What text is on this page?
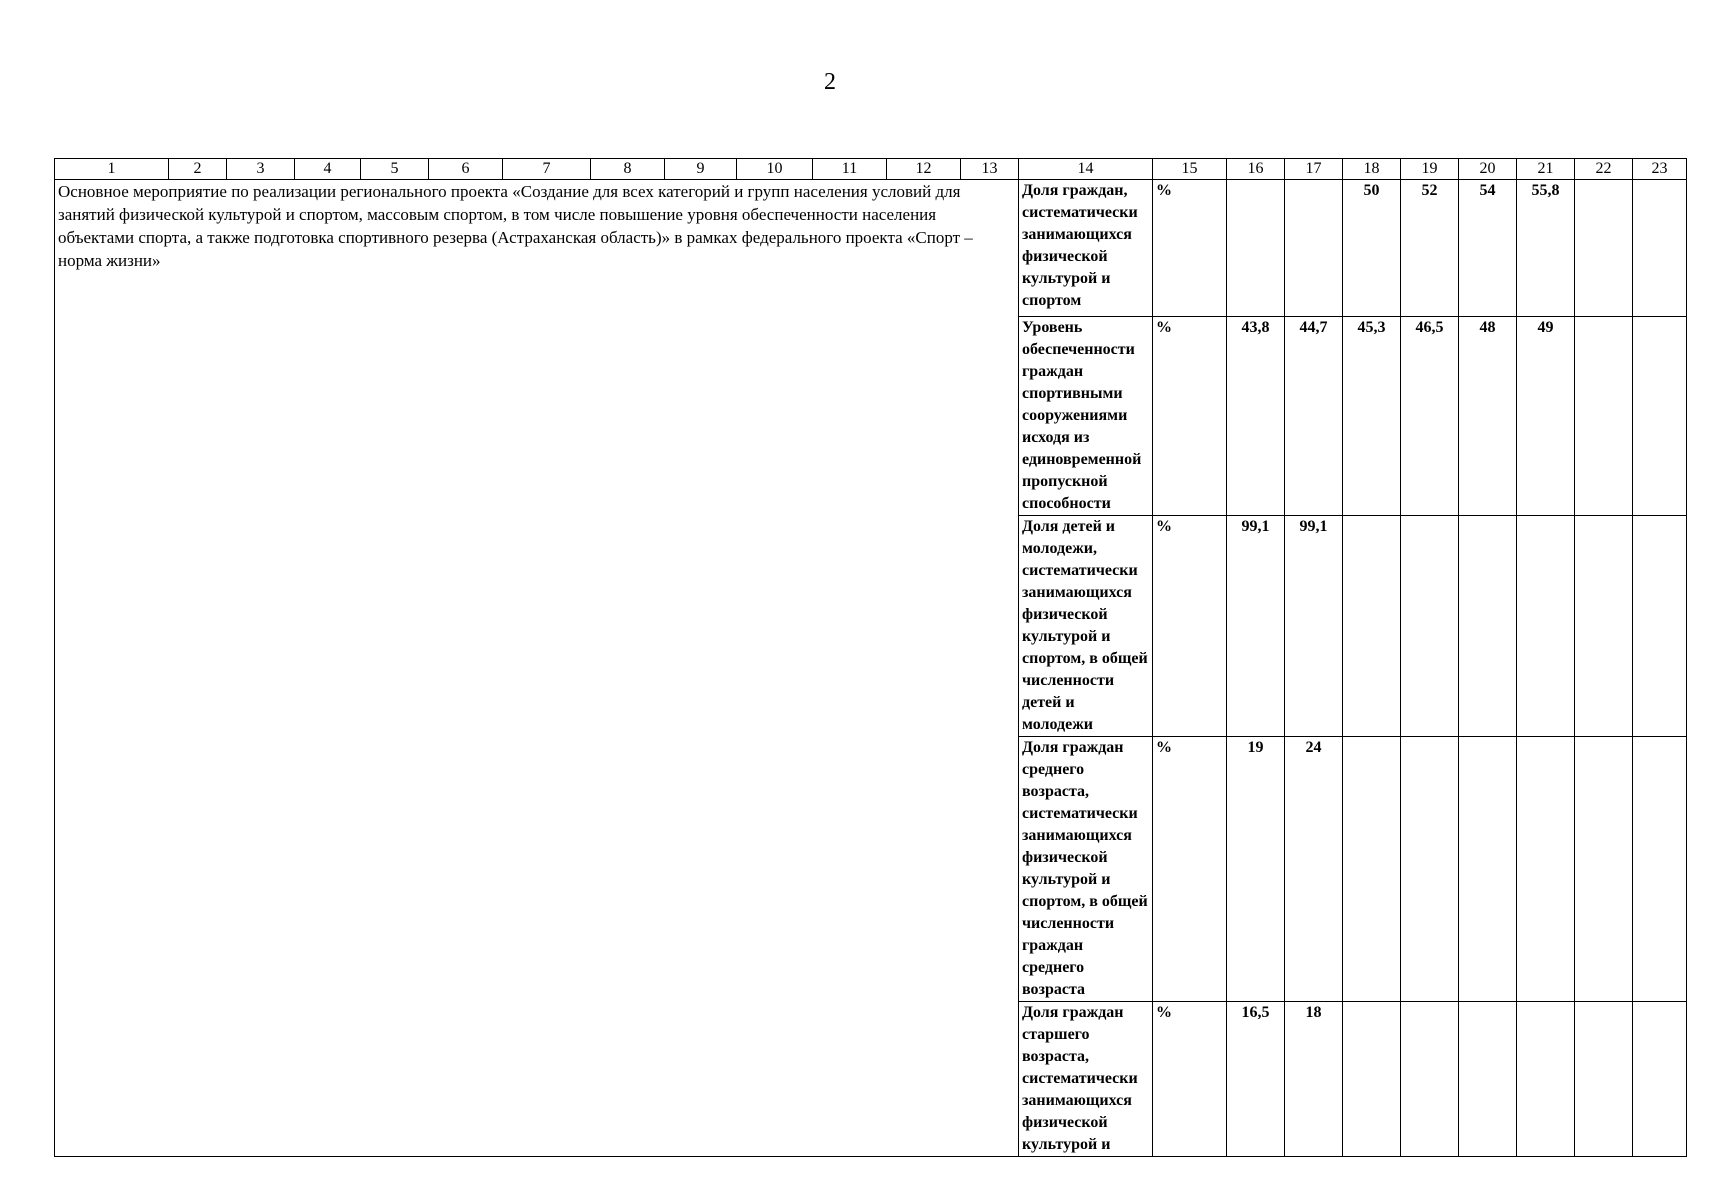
2
1	2	3	4	5	6	7	8	9	10	11	12	13	14	15	16	17	18	19	20	21	22	23
Основное мероприятие по реализации регионального проекта «Создание для всех категорий и групп населения условий для занятий физической культурой и спортом, массовым спортом, в том числе повышение уровня обеспеченности населения объектами спорта, а также подготовка спортивного резерва (Астраханская область)» в рамках федерального проекта «Спорт – норма жизни»													Доля граждан, систематически занимающихся физической культурой и спортом	%			50	52	54	55,8		
													Уровень обеспеченности граждан спортивными сооружениями исходя из единовременной пропускной способности	%	43,8	44,7	45,3	46,5	48	49		
													Доля детей и молодежи, систематически занимающихся физической культурой и спортом, в общей численности детей и молодежи	%	99,1	99,1						
													Доля граждан среднего возраста, систематически занимающихся физической культурой и спортом, в общей численности граждан среднего возраста	%	19	24						
													Доля граждан старшего возраста, систематически занимающихся физической культурой и	%	16,5	18						
